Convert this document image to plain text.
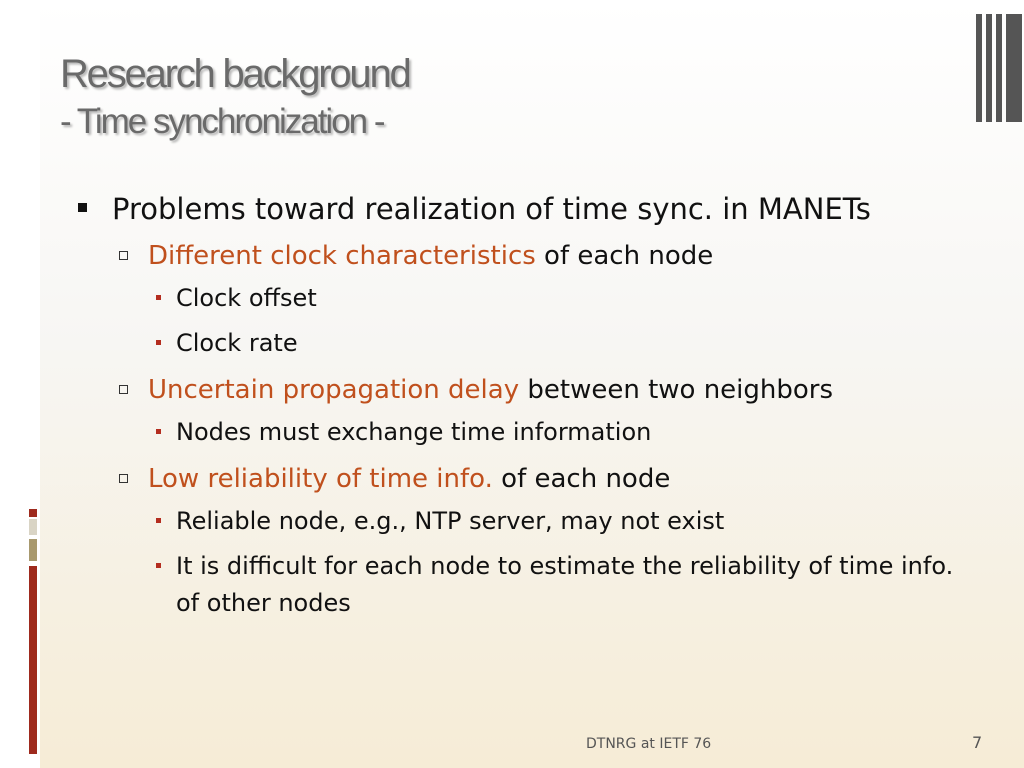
Research background
- Time synchronization -
Problems toward realization of time sync. in MANETs
Different clock characteristics of each node
Clock offset
Clock rate
Uncertain propagation delay between two neighbors
Nodes must exchange time information
Low reliability of time info. of each node
Reliable node, e.g., NTP server, may not exist
It is difficult for each node to estimate the reliability of time info. of other nodes
DTNRG at IETF 76	7
